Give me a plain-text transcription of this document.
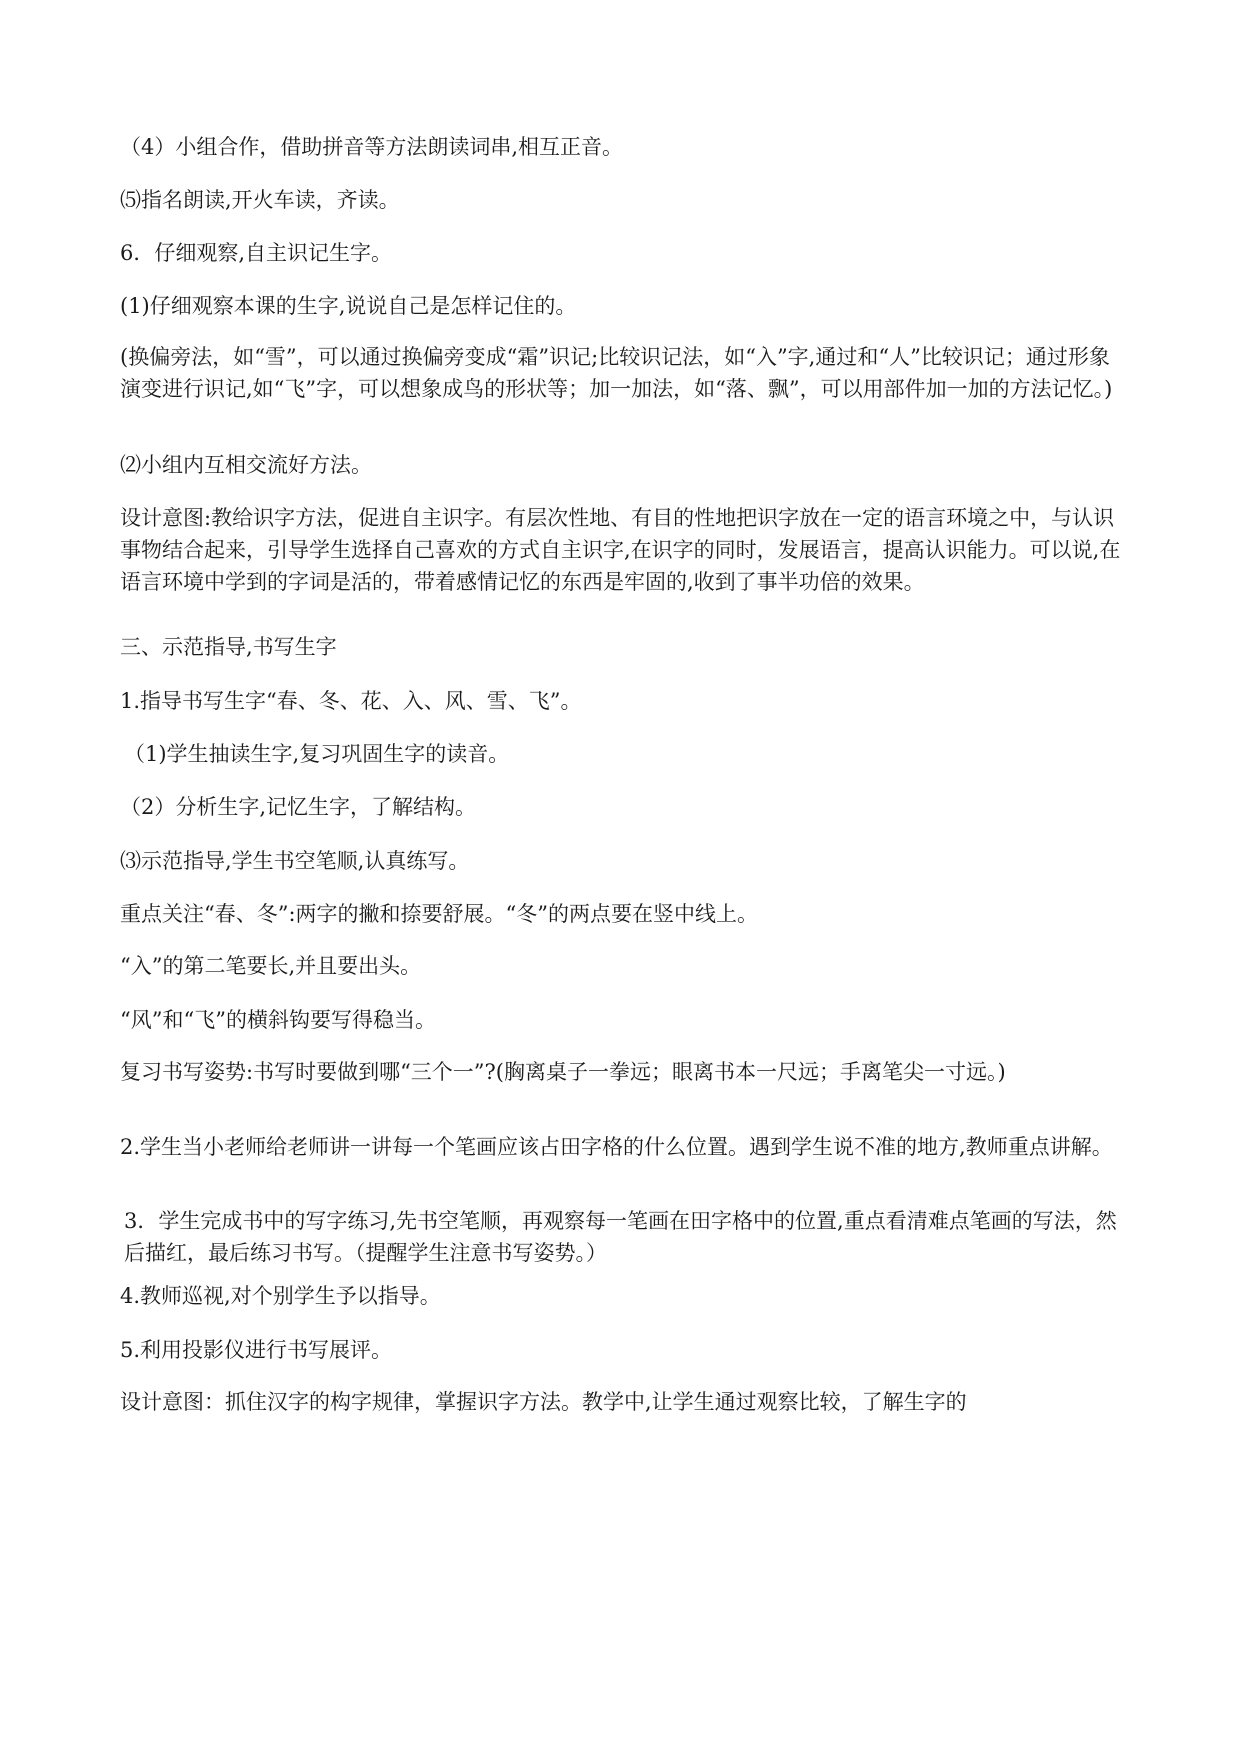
（4）小组合作，借助拼音等方法朗读词串,相互正音。

⑸指名朗读,开火车读，齐读。

6．仔细观察,自主识记生字。

(1)仔细观察本课的生字,说说自己是怎样记住的。

(换偏旁法，如“雪”，可以通过换偏旁变成“霜”识记;比较识记法，如“入”字,通过和“人”比较识记；通过形象演变进行识记,如“飞”字，可以想象成鸟的形状等；加一加法，如“落、飘”，可以用部件加一加的方法记忆。)

⑵小组内互相交流好方法。

设计意图:教给识字方法，促进自主识字。有层次性地、有目的性地把识字放在一定的语言环境之中，与认识事物结合起来，引导学生选择自己喜欢的方式自主识字,在识字的同时，发展语言，提高认识能力。可以说,在语言环境中学到的字词是活的，带着感情记忆的东西是牢固的,收到了事半功倍的效果。

三、示范指导,书写生字

1.指导书写生字“春、冬、花、入、风、雪、飞”。

（1)学生抽读生字,复习巩固生字的读音。

（2）分析生字,记忆生字，了解结构。

⑶示范指导,学生书空笔顺,认真练写。

重点关注“春、冬”:两字的撇和捺要舒展。“冬”的两点要在竖中线上。

“入”的第二笔要长,并且要出头。

“风”和“飞”的横斜钩要写得稳当。

复习书写姿势:书写时要做到哪“三个一”?(胸离桌子一拳远；眼离书本一尺远；手离笔尖一寸远。)

2.学生当小老师给老师讲一讲每一个笔画应该占田字格的什么位置。遇到学生说不准的地方,教师重点讲解。

3．学生完成书中的写字练习,先书空笔顺，再观察每一笔画在田字格中的位置,重点看清难点笔画的写法，然后描红，最后练习书写。（提醒学生注意书写姿势。）

4.教师巡视,对个别学生予以指导。

5.利用投影仪进行书写展评。

设计意图：抓住汉字的构字规律，掌握识字方法。教学中,让学生通过观察比较，了解生字的
